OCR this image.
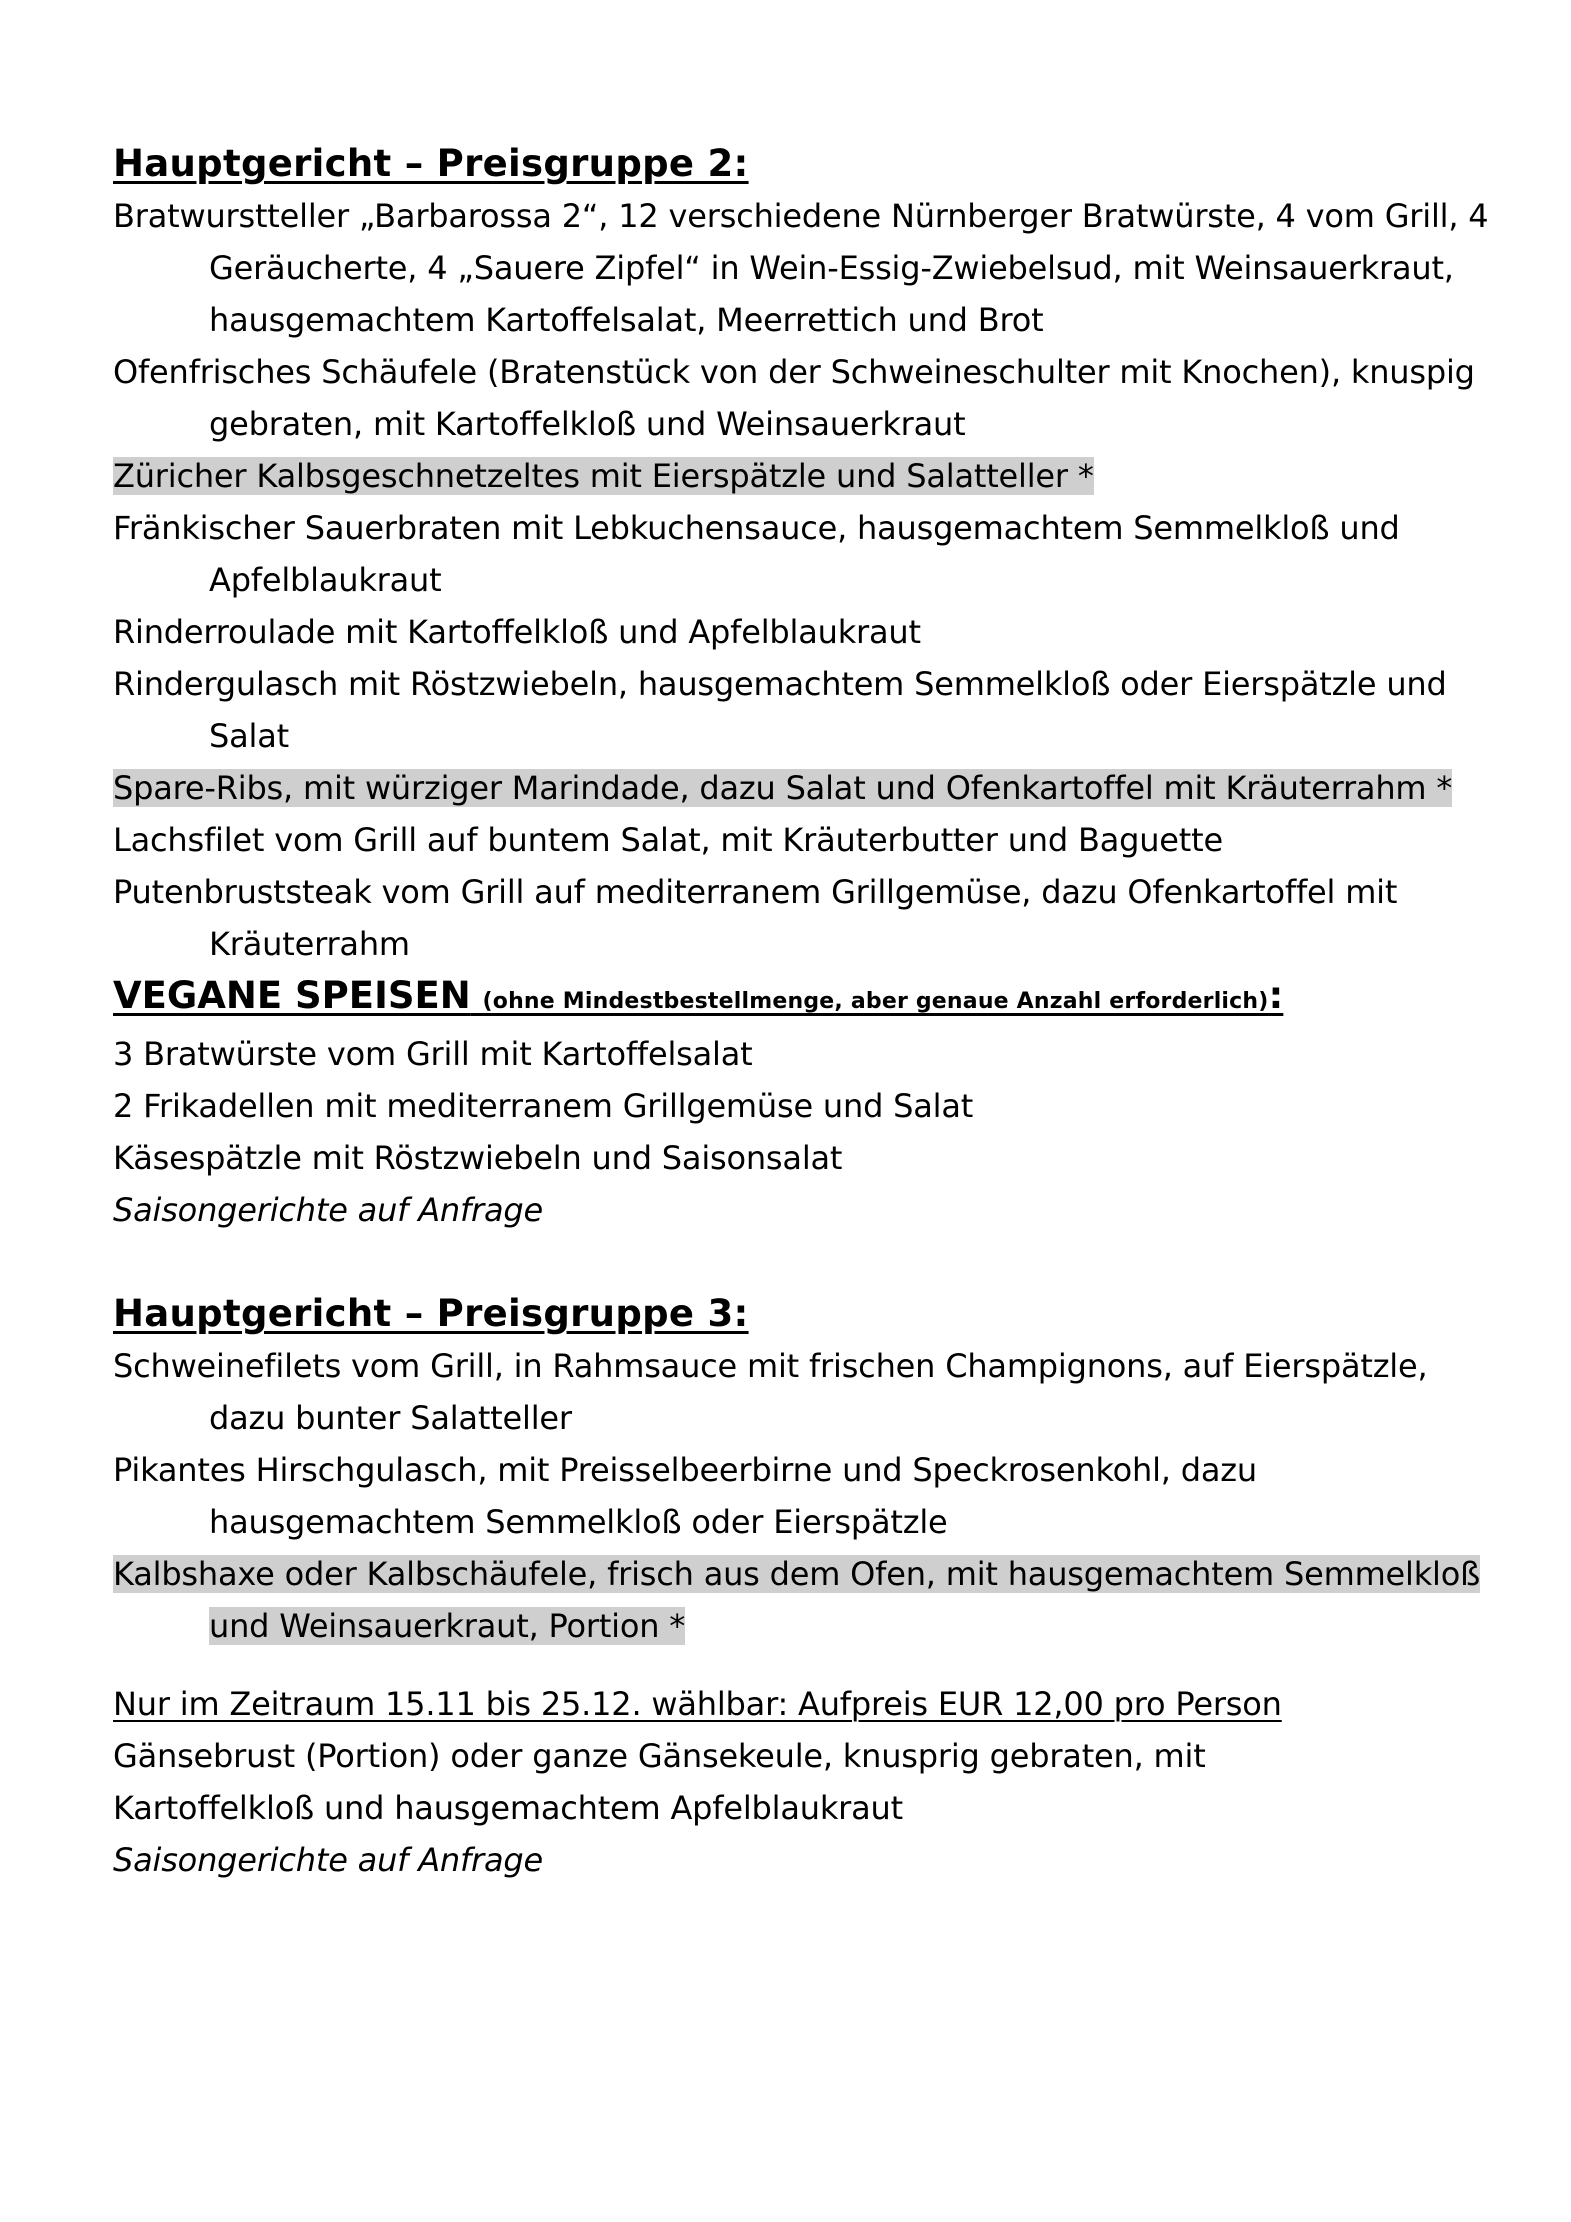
Hauptgericht – Preisgruppe 2:

Bratwurstteller „Barbarossa 2“, 12 verschiedene Nürnberger Bratwürste, 4 vom Grill, 4 Geräucherte, 4 „Sauere Zipfel“ in Wein-Essig-Zwiebelsud, mit Weinsauerkraut, hausgemachtem Kartoffelsalat, Meerrettich und Brot

Ofenfrisches Schäufele (Bratenstück von der Schweineschulter mit Knochen), knuspig gebraten, mit Kartoffelkloß und Weinsauerkraut

Züricher Kalbsgeschnetzeltes mit Eierspätzle und Salatteller *

Fränkischer Sauerbraten mit Lebkuchensauce, hausgemachtem Semmelkloß und Apfelblaukraut

Rinderroulade mit Kartoffelkloß und Apfelblaukraut

Rindergulasch mit Röstzwiebeln, hausgemachtem Semmelkloß oder Eierspätzle und Salat

Spare-Ribs, mit würziger Marindade, dazu Salat und Ofenkartoffel mit Kräuterrahm *

Lachsfilet vom Grill auf buntem Salat, mit Kräuterbutter und Baguette

Putenbruststeak vom Grill auf mediterranem Grillgemüse, dazu Ofenkartoffel mit Kräuterrahm

VEGANE SPEISEN (ohne Mindestbestellmenge, aber genaue Anzahl erforderlich):

3 Bratwürste vom Grill mit Kartoffelsalat

2 Frikadellen mit mediterranem Grillgemüse und Salat

Käsespätzle mit Röstzwiebeln und Saisonsalat

Saisongerichte auf Anfrage

Hauptgericht – Preisgruppe 3:

Schweinefilets vom Grill, in Rahmsauce mit frischen Champignons, auf Eierspätzle, dazu bunter Salatteller

Pikantes Hirschgulasch, mit Preisselbeerbirne und Speckrosenkohl, dazu hausgemachtem Semmelkloß oder Eierspätzle

Kalbshaxe oder Kalbschäufele, frisch aus dem Ofen, mit hausgemachtem Semmelkloß und Weinsauerkraut, Portion *

Nur im Zeitraum 15.11 bis 25.12. wählbar: Aufpreis EUR 12,00 pro Person

Gänsebrust (Portion) oder ganze Gänsekeule, knusprig gebraten, mit

Kartoffelkloß und hausgemachtem Apfelblaukraut

Saisongerichte auf Anfrage
